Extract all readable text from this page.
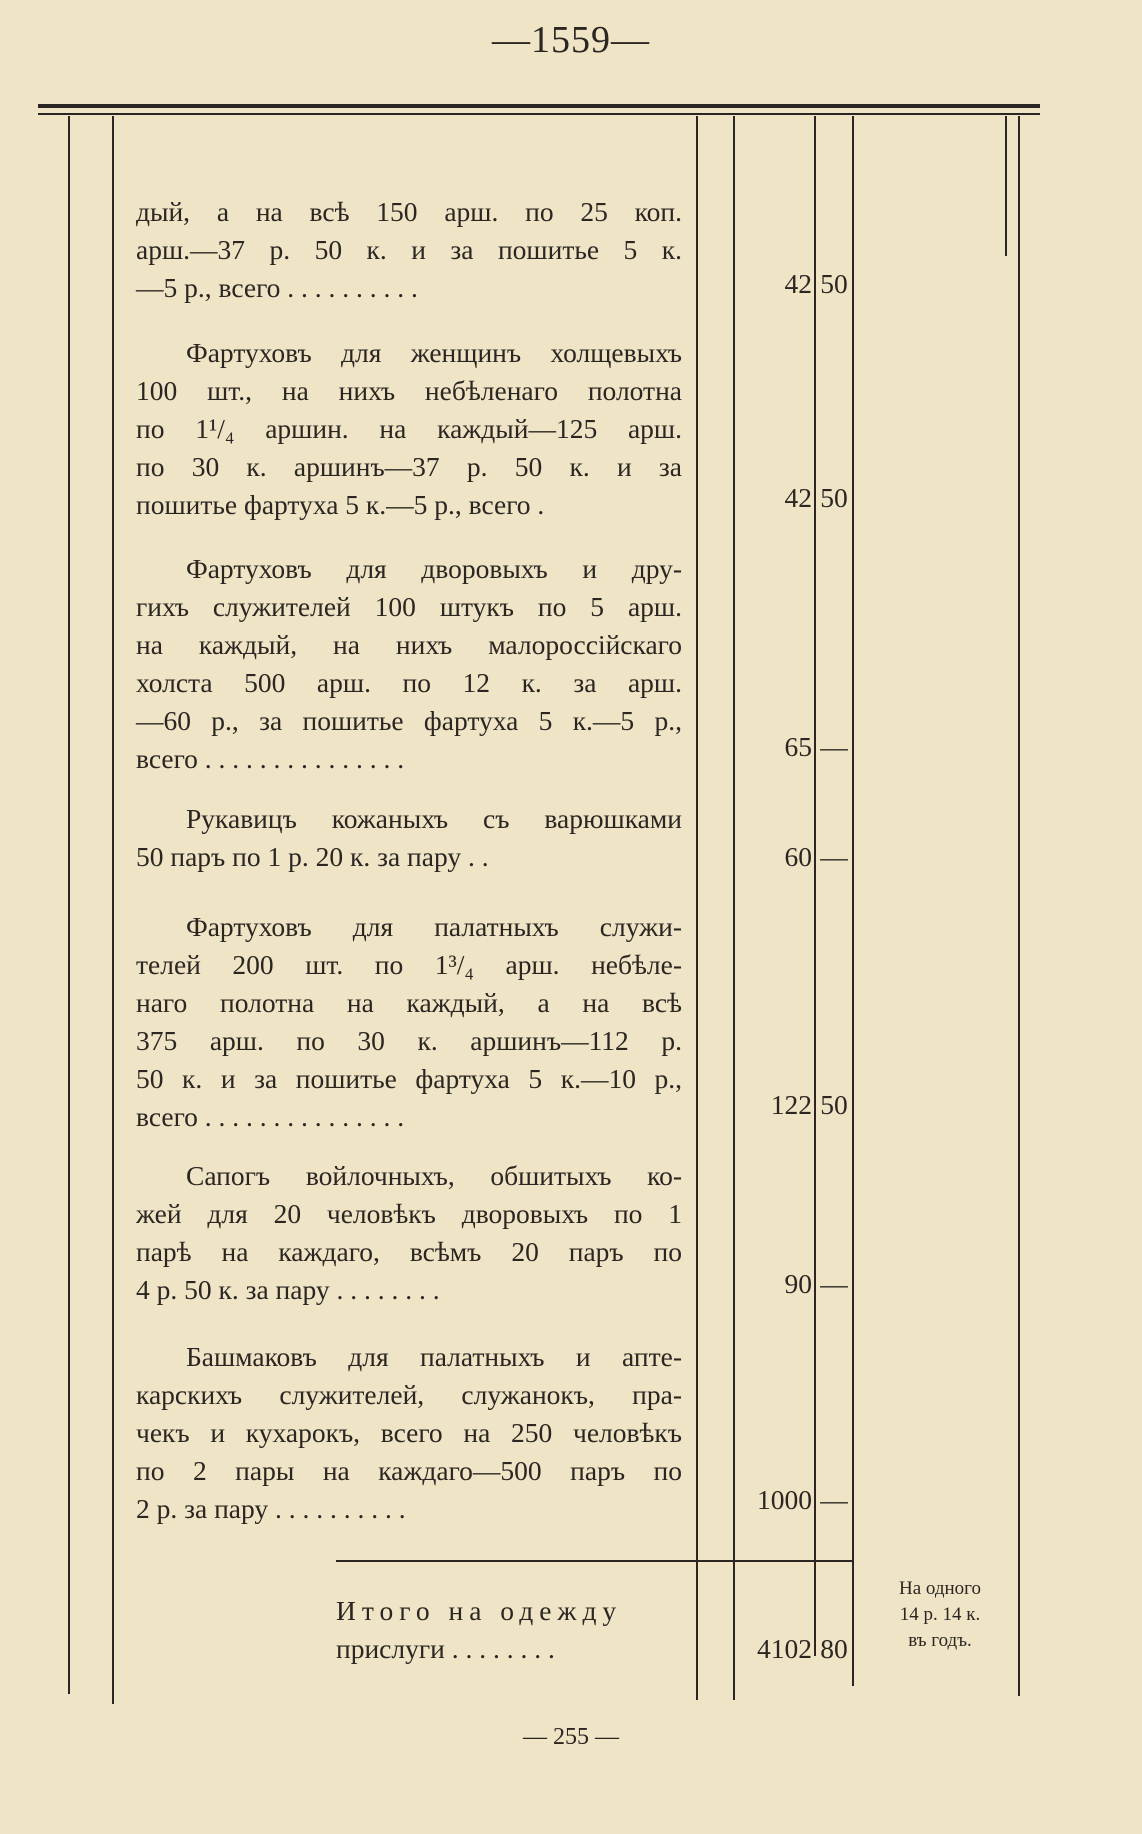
—1559—
дый, а на всѣ 150 арш. по 25 коп.
арш.—37 р. 50 к. и за пошитье 5 к.
—5 р., всего . . . . . . . . . .	42 50
Фартуховъ для женщинъ холщевыхъ
100 шт., на нихъ небѣленаго полотна
по 1¹/₄ аршин. на каждый—125 арш.
по 30 к. аршинъ—37 р. 50 к. и за
пошитье фартуха 5 к.—5 р., всего .	42 50
Фартуховъ для дворовыхъ и дру-
гихъ служителей 100 штукъ по 5 арш.
на каждый, на нихъ малороссійскаго
холста 500 арш. по 12 к. за арш.
—60 р., за пошитье фартуха 5 к.—5 р.,
всего . . . . . . . . . . . . . . .	65 —
Рукавицъ кожаныхъ съ варюшками
50 паръ по 1 р. 20 к. за пару . .	60 —
Фартуховъ для палатныхъ служи-
телей 200 шт. по 1³/₄ арш. небѣле-
наго полотна на каждый, а на всѣ
375 арш. по 30 к. аршинъ—112 р.
50 к. и за пошитье фартуха 5 к.—10 р.,
всего . . . . . . . . . . . . . . .	122 50
Сапогъ войлочныхъ, обшитыхъ ко-
жей для 20 человѣкъ дворовыхъ по 1
парѣ на каждаго, всѣмъ 20 паръ по
4 р. 50 к. за пару . . . . . . . .	90 —
Башмаковъ для палатныхъ и апте-
карскихъ служителей, служанокъ, пра-
чекъ и кухарокъ, всего на 250 человѣкъ
по 2 пары на каждаго—500 паръ по
2 р. за пару . . . . . . . . . .	1000 —
Итого на одежду
прислуги . . . . . . . .	4102 80
На одного
14 р. 14 к.
въ годъ.
— 255 —
